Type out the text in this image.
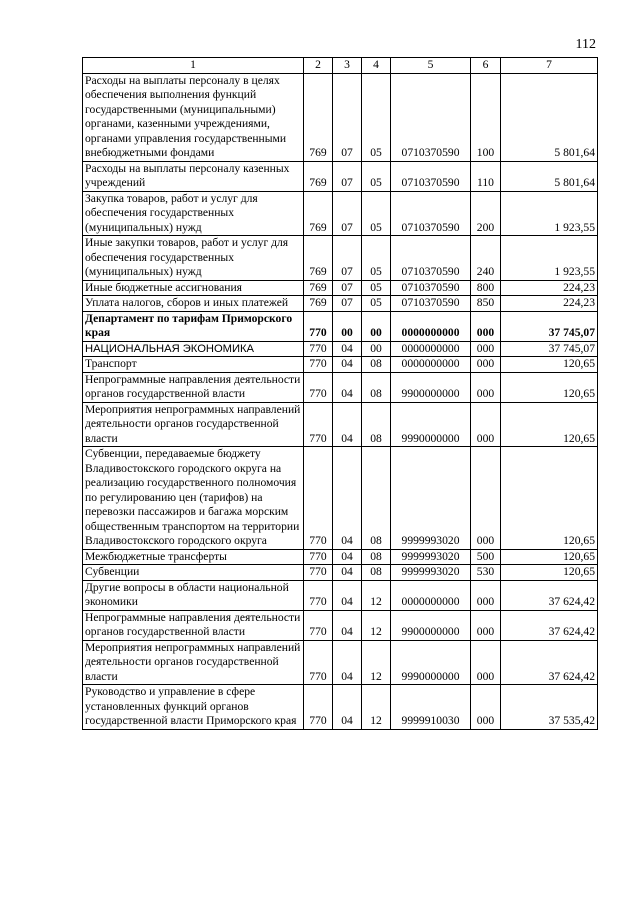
112
1	2	3	4	5	6	7
Расходы на выплаты персоналу в целях обеспечения выполнения функций государственными (муниципальными) органами, казенными учреждениями, органами управления государственными внебюджетными фондами	769	07	05	0710370590	100	5 801,64
Расходы на выплаты персоналу казенных учреждений	769	07	05	0710370590	110	5 801,64
Закупка товаров, работ и услуг для обеспечения государственных (муниципальных) нужд	769	07	05	0710370590	200	1 923,55
Иные закупки товаров, работ и услуг для обеспечения государственных (муниципальных) нужд	769	07	05	0710370590	240	1 923,55
Иные бюджетные ассигнования	769	07	05	0710370590	800	224,23
Уплата налогов, сборов и иных платежей	769	07	05	0710370590	850	224,23
Департамент по тарифам Приморского края	770	00	00	0000000000	000	37 745,07
НАЦИОНАЛЬНАЯ ЭКОНОМИКА	770	04	00	0000000000	000	37 745,07
Транспорт	770	04	08	0000000000	000	120,65
Непрограммные направления деятельности органов государственной власти	770	04	08	9900000000	000	120,65
Мероприятия непрограммных направлений деятельности органов государственной власти	770	04	08	9990000000	000	120,65
Субвенции, передаваемые бюджету Владивостокского городского округа на реализацию государственного полномочия по регулированию цен (тарифов) на перевозки пассажиров и багажа морским общественным транспортом на территории Владивостокского городского округа	770	04	08	9999993020	000	120,65
Межбюджетные трансферты	770	04	08	9999993020	500	120,65
Субвенции	770	04	08	9999993020	530	120,65
Другие вопросы в области национальной экономики	770	04	12	0000000000	000	37 624,42
Непрограммные направления деятельности органов государственной власти	770	04	12	9900000000	000	37 624,42
Мероприятия непрограммных направлений деятельности органов государственной власти	770	04	12	9990000000	000	37 624,42
Руководство и управление в сфере установленных функций органов государственной власти Приморского края	770	04	12	9999910030	000	37 535,42
